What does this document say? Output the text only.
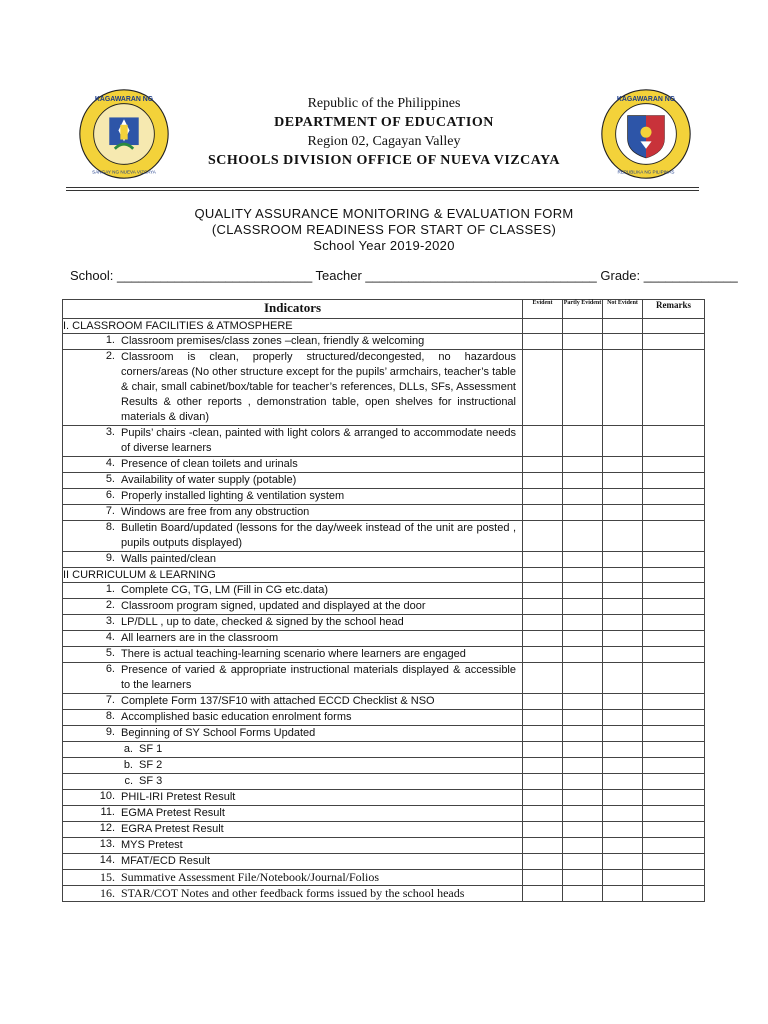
KAGAWARAN NG
SANGAY NG NUEVA VIZCAYA
KAGAWARAN NG
REPUBLIKA NG PILIPINAS
Republic of the Philippines
DEPARTMENT OF EDUCATION
Region 02, Cagayan Valley
SCHOOLS DIVISION OFFICE OF NUEVA VIZCAYA
QUALITY ASSURANCE MONITORING & EVALUATION FORM
(CLASSROOM READINESS FOR START OF CLASSES)
School Year 2019-2020
School: ___________________________ Teacher ________________________________ Grade: _____________
Indicators	Evident	Partly Evident	Not Evident	Remarks
I. CLASSROOM FACILITIES & ATMOSPHERE				

1. Classroom premises/class zones –clean, friendly & welcoming				

2. Classroom is clean, properly structured/decongested, no hazardous corners/areas (No other structure except for the pupils’ armchairs, teacher’s table & chair, small cabinet/box/table for teacher’s references, DLLs, SFs, Assessment Results & other reports , demonstration table, open shelves for instructional materials & divan)				

3. Pupils’ chairs -clean, painted with light colors & arranged to accommodate needs of diverse learners				

4. Presence of clean toilets and urinals				

5. Availability of water supply (potable)				

6. Properly installed lighting & ventilation system				

7. Windows are free from any obstruction				

8. Bulletin Board/updated (lessons for the day/week instead of the unit are posted , pupils outputs displayed)				

9. Walls painted/clean				

II CURRICULUM & LEARNING				

1. Complete CG, TG, LM (Fill in CG etc.data)				

2. Classroom program signed, updated and displayed at the door				

3. LP/DLL , up to date, checked & signed by the school head				

4. All learners are in the classroom				

5. There is actual teaching-learning scenario where learners are engaged				

6. Presence of varied & appropriate instructional materials displayed & accessible to the learners				

7. Complete Form 137/SF10 with attached ECCD Checklist & NSO				

8. Accomplished basic education enrolment forms				

9. Beginning of SY School Forms Updated				

a. SF 1				

b. SF 2				

c. SF 3				

10. PHIL-IRI Pretest Result				

11. EGMA Pretest Result				

12. EGRA Pretest Result				

13. MYS Pretest				

14. MFAT/ECD Result				

15. Summative Assessment File/Notebook/Journal/Folios				

16. STAR/COT Notes and other feedback forms issued by the school heads				
